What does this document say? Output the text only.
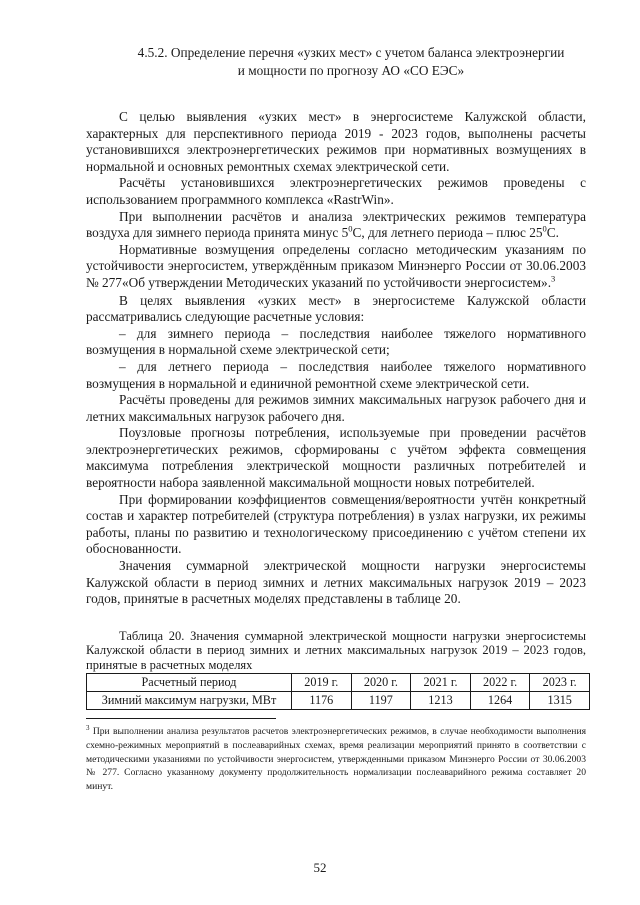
4.5.2. Определение перечня «узких мест» с учетом баланса электроэнергии
и мощности по прогнозу АО «СО ЕЭС»

С целью выявления «узких мест» в энергосистеме Калужской области, характерных для перспективного периода 2019 - 2023 годов, выполнены расчеты установившихся электроэнергетических режимов при нормативных возмущениях в нормальной и основных ремонтных схемах электрической сети.

Расчёты установившихся электроэнергетических режимов проведены с использованием программного комплекса «RastrWin».

При выполнении расчётов и анализа электрических режимов температура воздуха для зимнего периода принята минус $5^0C$, для летнего периода – плюс $25^0C$.

Нормативные возмущения определены согласно методическим указаниям по устойчивости энергосистем, утверждённым приказом Минэнерго России от 30.06.2003 № 277«Об утверждении Методических указаний по устойчивости энергосистем».$^3$

В целях выявления «узких мест» в энергосистеме Калужской области рассматривались следующие расчетные условия:

– для зимнего периода – последствия наиболее тяжелого нормативного возмущения в нормальной схеме электрической сети;

– для летнего периода – последствия наиболее тяжелого нормативного возмущения в нормальной и единичной ремонтной схеме электрической сети.

Расчёты проведены для режимов зимних максимальных нагрузок рабочего дня и летних максимальных нагрузок рабочего дня.

Поузловые прогнозы потребления, используемые при проведении расчётов электроэнергетических режимов, сформированы с учётом эффекта совмещения максимума потребления электрической мощности различных потребителей и вероятности набора заявленной максимальной мощности новых потребителей.

При формировании коэффициентов совмещения/вероятности учтён конкретный состав и характер потребителей (структура потребления) в узлах нагрузки, их режимы работы, планы по развитию и технологическому присоединению с учётом степени их обоснованности.

Значения суммарной электрической мощности нагрузки энергосистемы Калужской области в период зимних и летних максимальных нагрузок 2019 – 2023 годов, принятые в расчетных моделях представлены в таблице 20.

Таблица 20. Значения суммарной электрической мощности нагрузки энергосистемы Калужской области в период зимних и летних максимальных нагрузок 2019 – 2023 годов, принятые в расчетных моделях
Расчетный период	2019 г.	2020 г.	2021 г.	2022 г.	2023 г.
Зимний максимум нагрузки, МВт	1176	1197	1213	1264	1315
$^3$ При выполнении анализа результатов расчетов электроэнергетических режимов, в случае необходимости выполнения схемно-режимных мероприятий в послеаварийных схемах, время реализации мероприятий принято в соответствии с методическими указаниями по устойчивости энергосистем, утвержденными приказом Минэнерго России от 30.06.2003 № 277. Согласно указанному документу продолжительность нормализации послеаварийного режима составляет 20 минут.
52
